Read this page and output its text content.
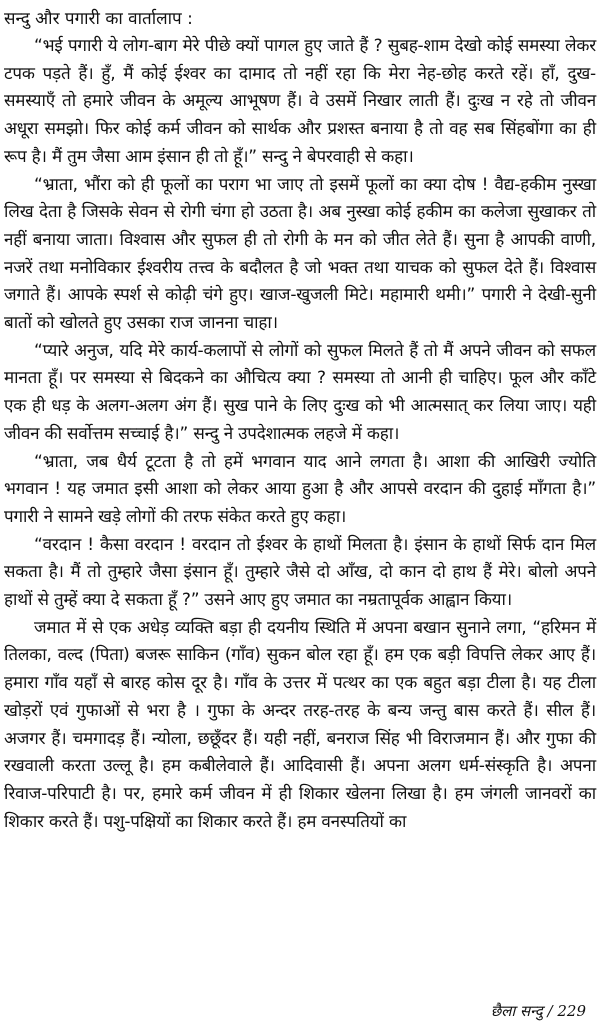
सन्दु और पगारी का वार्तालाप :

“भई पगारी ये लोग-बाग मेरे पीछे क्यों पागल हुए जाते हैं ? सुबह-शाम देखो कोई समस्या लेकर टपक पड़ते हैं। हुँ, मैं कोई ईश्वर का दामाद तो नहीं रहा कि मेरा नेह-छोह करते रहें। हाँ, दुख-समस्याएँ तो हमारे जीवन के अमूल्य आभूषण हैं। वे उसमें निखार लाती हैं। दुःख न रहे तो जीवन अधूरा समझो। फिर कोई कर्म जीवन को सार्थक और प्रशस्त बनाया है तो वह सब सिंहबोंगा का ही रूप है। मैं तुम जैसा आम इंसान ही तो हूँ।” सन्दु ने बेपरवाही से कहा।

“भ्राता, भौंरा को ही फूलों का पराग भा जाए तो इसमें फूलों का क्या दोष ! वैद्य-हकीम नुस्खा लिख देता है जिसके सेवन से रोगी चंगा हो उठता है। अब नुस्खा कोई हकीम का कलेजा सुखाकर तो नहीं बनाया जाता। विश्वास और सुफल ही तो रोगी के मन को जीत लेते हैं। सुना है आपकी वाणी, नजरें तथा मनोविकार ईश्वरीय तत्त्व के बदौलत है जो भक्त तथा याचक को सुफल देते हैं। विश्वास जगाते हैं। आपके स्पर्श से कोढ़ी चंगे हुए। खाज-खुजली मिटे। महामारी थमी।” पगारी ने देखी-सुनी बातों को खोलते हुए उसका राज जानना चाहा।

“प्यारे अनुज, यदि मेरे कार्य-कलापों से लोगों को सुफल मिलते हैं तो मैं अपने जीवन को सफल मानता हूँ। पर समस्या से बिदकने का औचित्य क्या ? समस्या तो आनी ही चाहिए। फूल और काँटे एक ही धड़ के अलग-अलग अंग हैं। सुख पाने के लिए दुःख को भी आत्मसात् कर लिया जाए। यही जीवन की सर्वोत्तम सच्चाई है।” सन्दु ने उपदेशात्मक लहजे में कहा।

“भ्राता, जब धैर्य टूटता है तो हमें भगवान याद आने लगता है। आशा की आखिरी ज्योति भगवान ! यह जमात इसी आशा को लेकर आया हुआ है और आपसे वरदान की दुहाई माँगता है।” पगारी ने सामने खड़े लोगों की तरफ संकेत करते हुए कहा।

“वरदान ! कैसा वरदान ! वरदान तो ईश्वर के हाथों मिलता है। इंसान के हाथों सिर्फ दान मिल सकता है। मैं तो तुम्हारे जैसा इंसान हूँ। तुम्हारे जैसे दो आँख, दो कान दो हाथ हैं मेरे। बोलो अपने हाथों से तुम्हें क्या दे सकता हूँ ?” उसने आए हुए जमात का नम्रतापूर्वक आह्वान किया।

जमात में से एक अधेड़ व्यक्ति बड़ा ही दयनीय स्थिति में अपना बखान सुनाने लगा, “हरिमन में तिलका, वल्द (पिता) बजरू साकिन (गाँव) सुकन बोल रहा हूँ। हम एक बड़ी विपत्ति लेकर आए हैं। हमारा गाँव यहाँ से बारह कोस दूर है। गाँव के उत्तर में पत्थर का एक बहुत बड़ा टीला है। यह टीला खोड़रों एवं गुफाओं से भरा है । गुफा के अन्दर तरह-तरह के बन्य जन्तु बास करते हैं। सील हैं। अजगर हैं। चमगादड़ हैं। न्योला, छछूँदर हैं। यही नहीं, बनराज सिंह भी विराजमान हैं। और गुफा की रखवाली करता उल्लू है। हम कबीलेवाले हैं। आदिवासी हैं। अपना अलग धर्म-संस्कृति है। अपना रिवाज-परिपाटी है। पर, हमारे कर्म जीवन में ही शिकार खेलना लिखा है। हम जंगली जानवरों का शिकार करते हैं। पशु-पक्षियों का शिकार करते हैं। हम वनस्पतियों का

छैला सन्दु / 229
